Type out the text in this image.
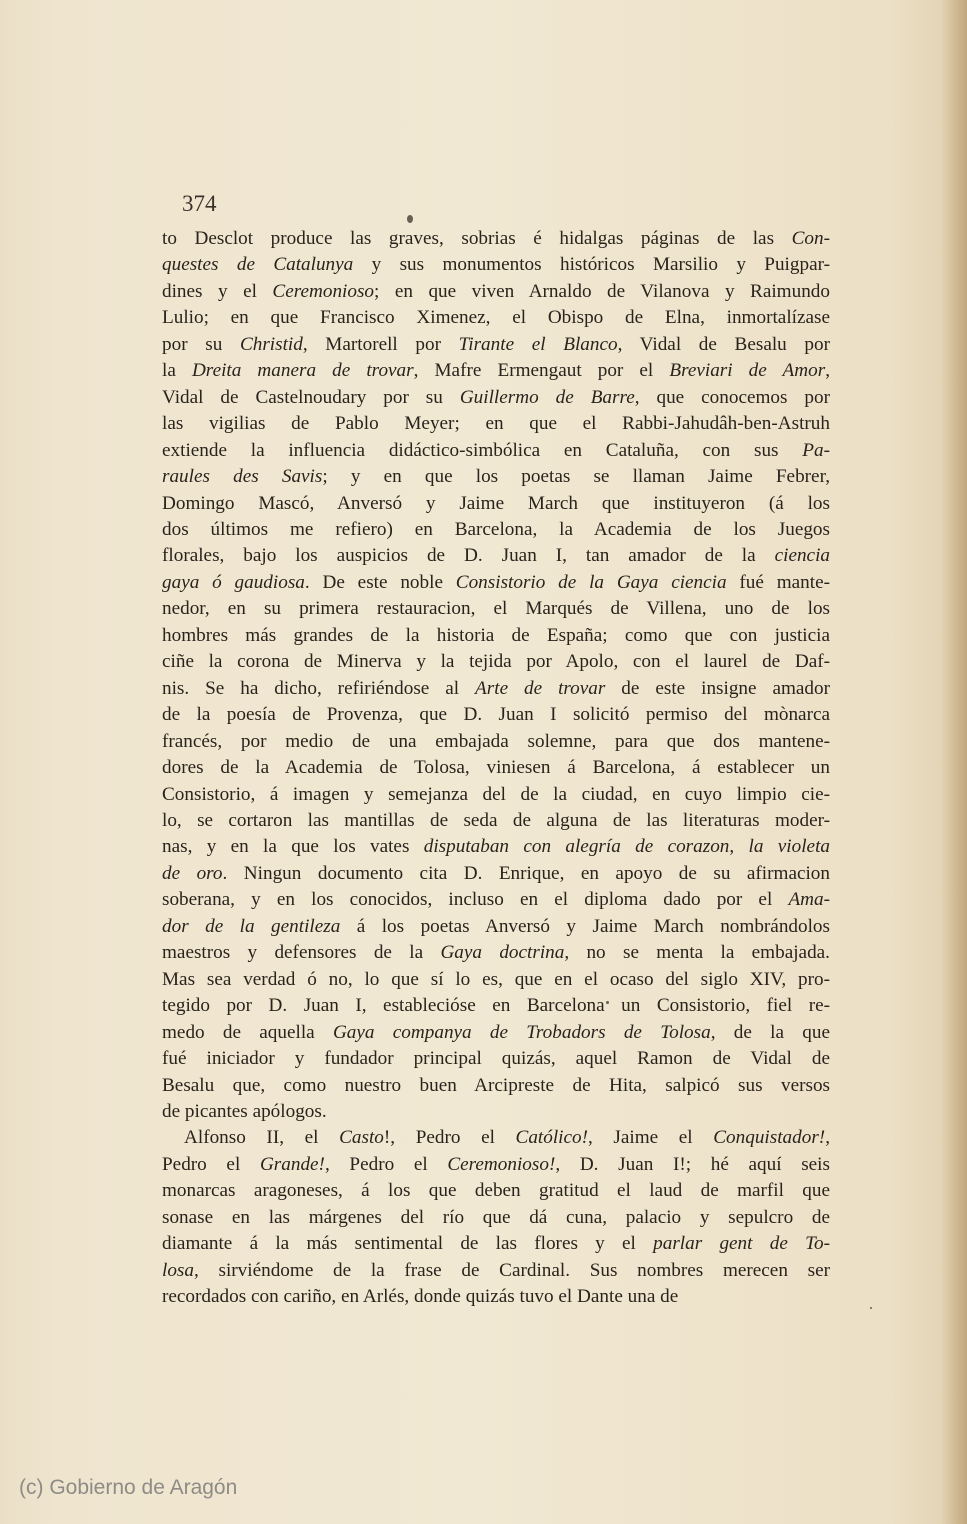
374
to Desclot produce las graves, sobrias é hidalgas páginas de las Con-
questes de Catalunya y sus monumentos históricos Marsilio y Puigpar-
dines y el Ceremonioso; en que viven Arnaldo de Vilanova y Raimundo
Lulio; en que Francisco Ximenez, el Obispo de Elna, inmortalízase
por su Christid, Martorell por Tirante el Blanco, Vidal de Besalu por
la Dreita manera de trovar, Mafre Ermengaut por el Breviari de Amor,
Vidal de Castelnoudary por su Guillermo de Barre, que conocemos por
las vigilias de Pablo Meyer; en que el Rabbi-Jahudâh-ben-Astruh
extiende la influencia didáctico-simbólica en Cataluña, con sus Pa-
raules des Savis; y en que los poetas se llaman Jaime Febrer,
Domingo Mascó, Anversó y Jaime March que instituyeron (á los
dos últimos me refiero) en Barcelona, la Academia de los Juegos
florales, bajo los auspicios de D. Juan I, tan amador de la ciencia
gaya ó gaudiosa. De este noble Consistorio de la Gaya ciencia fué mante-
nedor, en su primera restauracion, el Marqués de Villena, uno de los
hombres más grandes de la historia de España; como que con justicia
ciñe la corona de Minerva y la tejida por Apolo, con el laurel de Daf-
nis. Se ha dicho, refiriéndose al Arte de trovar de este insigne amador
de la poesía de Provenza, que D. Juan I solicitó permiso del mònarca
francés, por medio de una embajada solemne, para que dos mantene-
dores de la Academia de Tolosa, viniesen á Barcelona, á establecer un
Consistorio, á imagen y semejanza del de la ciudad, en cuyo limpio cie-
lo, se cortaron las mantillas de seda de alguna de las literaturas moder-
nas, y en la que los vates disputaban con alegría de corazon, la violeta
de oro. Ningun documento cita D. Enrique, en apoyo de su afirmacion
soberana, y en los conocidos, incluso en el diploma dado por el Ama-
dor de la gentileza á los poetas Anversó y Jaime March nombrándolos
maestros y defensores de la Gaya doctrina, no se menta la embajada.
Mas sea verdad ó no, lo que sí lo es, que en el ocaso del siglo XIV, pro-
tegido por D. Juan I, establecióse en Barcelona un Consistorio, fiel re-
medo de aquella Gaya companya de Trobadors de Tolosa, de la que
fué iniciador y fundador principal quizás, aquel Ramon de Vidal de
Besalu que, como nuestro buen Arcipreste de Hita, salpicó sus versos
de picantes apólogos.
Alfonso II, el Casto!, Pedro el Católico!, Jaime el Conquistador!,
Pedro el Grande!, Pedro el Ceremonioso!, D. Juan I!; hé aquí seis
monarcas aragoneses, á los que deben gratitud el laud de marfil que
sonase en las márgenes del río que dá cuna, palacio y sepulcro de
diamante á la más sentimental de las flores y el parlar gent de To-
losa, sirviéndome de la frase de Cardinal. Sus nombres merecen ser
recordados con cariño, en Arlés, donde quizás tuvo el Dante una de
(c) Gobierno de Aragón
